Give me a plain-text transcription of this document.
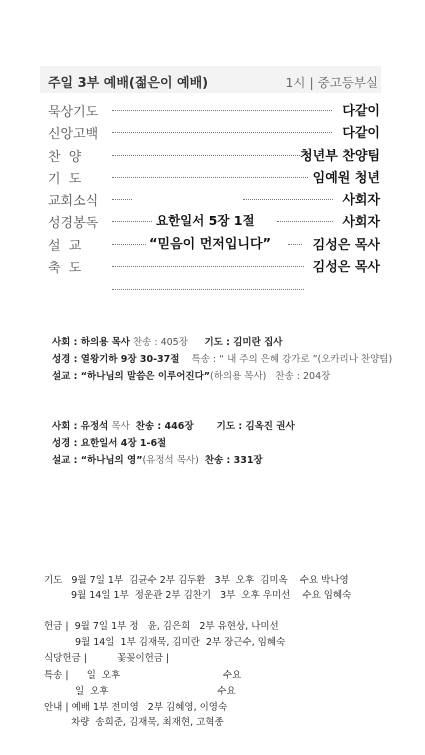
주일 3부 예배(젊은이 예배)	1시 | 중고등부실
묵상기도	다같이
신앙고백	다같이
찬 양	청년부 찬양팀
기 도	임예원 청년
교회소식	사회자
성경봉독	요한일서 5장 1절	사회자
설 교	“믿음이 먼저입니다”	김성은 목사
축 도	김성은 목사
사회 : 하의용 목사 찬송 : 405장     기도 : 김미란 집사
성경 : 열왕기하 9장 30-37절    특송 : “ 내 주의 은혜 강가로 ”(오카리나 찬양팀)
설교 : “하나님의 말씀은 이루어진다”(하의용 목사)   찬송 : 204장
사회 : 유정석 목사  찬송 : 446장       기도 : 김옥진 권사
성경 : 요한일서 4장 1-6절
설교 : “하나님의 영”(유정석 목사)  찬송 : 331장
기도   9월 7일 1부  김균수 2부 김두환   3부  오후  김미옥    수요 박나영
9월 14일 1부  정운관 2부 김찬기   3부  오후 우미선    수요 임혜숙
헌금 |  9월 7일 1부 정   윤, 김은희   2부 유현상, 나미선
9월 14일  1부 김재묵, 김미란  2부 장근수, 임혜숙
식당헌금 |          꽃꽂이헌금 |
특송 |      일  오후                                  수요
일  오후                                    수요
안내 | 예배 1부 전미영   2부 김혜영, 이영숙
차량  송희준, 김재묵, 최재현, 고혁종
